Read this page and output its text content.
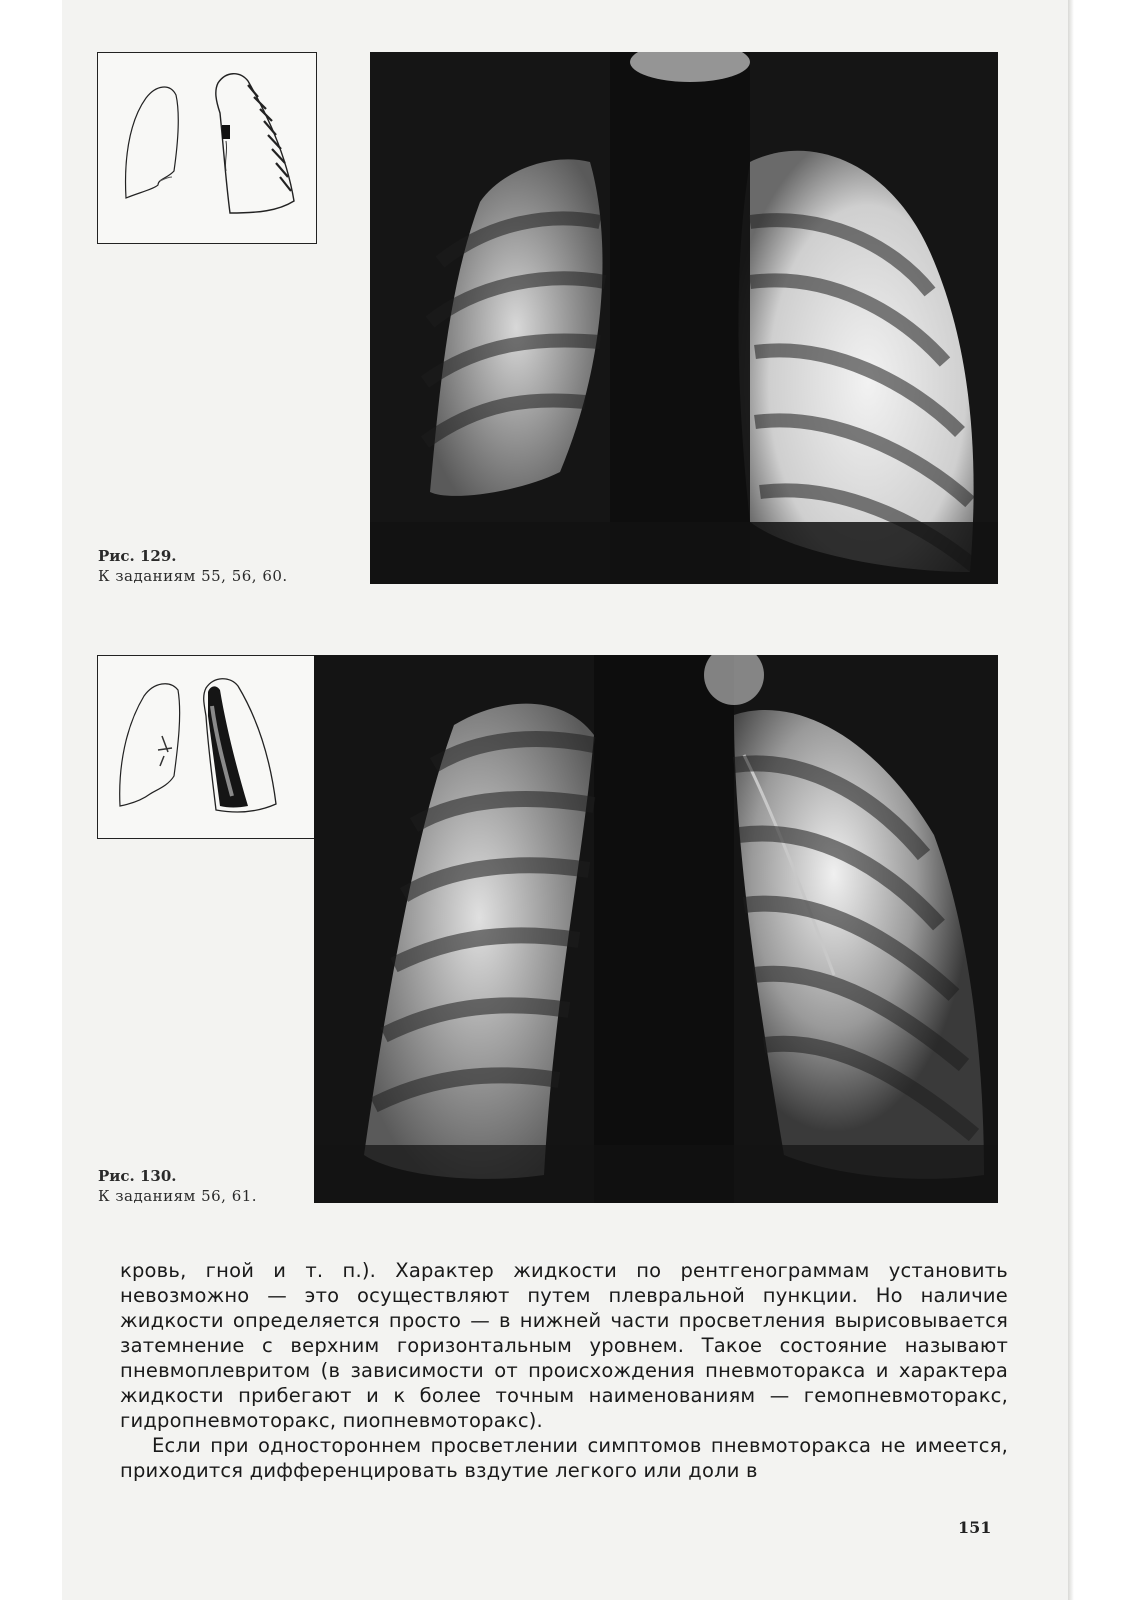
Рис. 129.
К заданиям 55, 56, 60.
Рис. 130.
К заданиям 56, 61.

кровь, гной и т. п.). Характер жидкости по рентгенограммам установить невозможно — это осуществляют путем плевральной пункции. Но наличие жидкости определяется просто — в нижней части просветления вырисовывается затемнение с верхним горизонтальным уровнем. Такое состояние называют пневмоплевритом (в зависимости от происхождения пневмоторакса и характера жидкости прибегают и к более точным наименованиям — гемопневмоторакс, гидропневмоторакс, пиопневмоторакс).

Если при одностороннем просветлении симптомов пневмоторакса не имеется, приходится дифференцировать вздутие легкого или доли в

151
